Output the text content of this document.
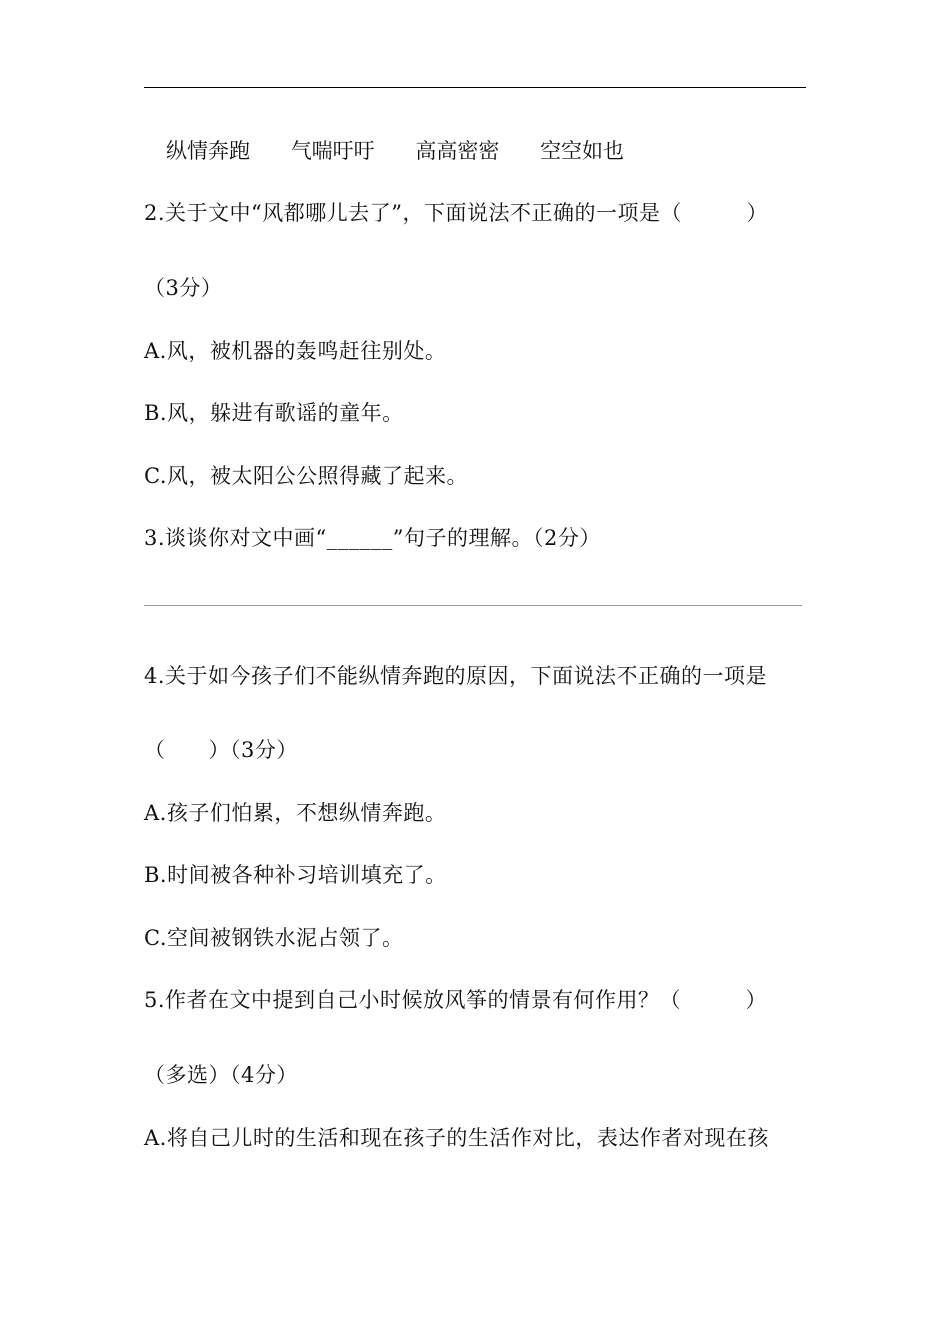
纵情奔跑 气喘吁吁 高高密密 空空如也
2.关于文中“风都哪儿去了”，下面说法不正确的一项是（　　　）
（3分）
A.风，被机器的轰鸣赶往别处。
B.风，躲进有歌谣的童年。
C.风，被太阳公公照得藏了起来。
3.谈谈你对文中画“______”句子的理解。（2分）
4.关于如今孩子们不能纵情奔跑的原因，下面说法不正确的一项是
（　　）（3分）
A.孩子们怕累，不想纵情奔跑。
B.时间被各种补习培训填充了。
C.空间被钢铁水泥占领了。
5.作者在文中提到自己小时候放风筝的情景有何作用？（　　　）
（多选）（4分）
A.将自己儿时的生活和现在孩子的生活作对比，表达作者对现在孩
